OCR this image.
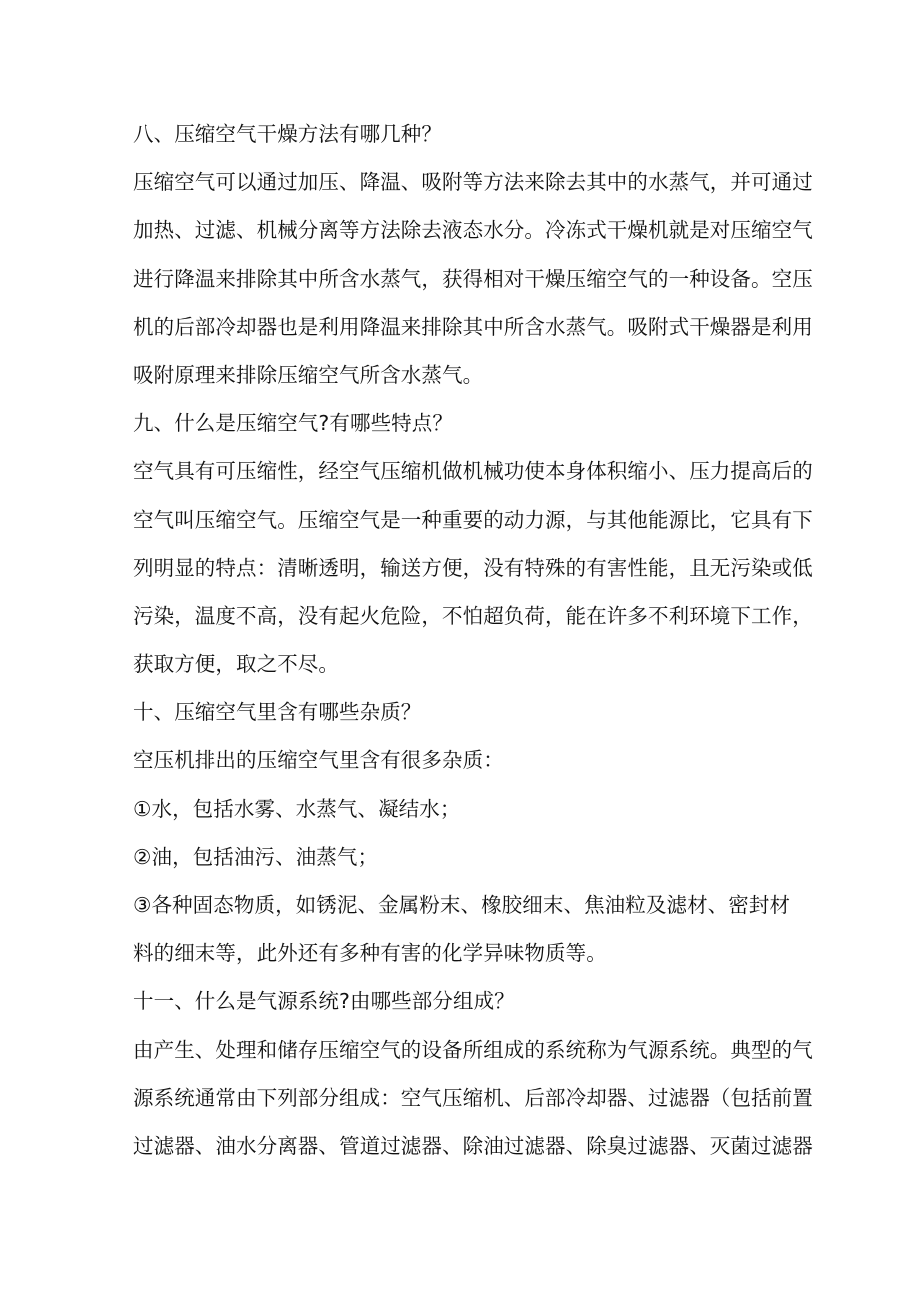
八、压缩空气干燥方法有哪几种？
压缩空气可以通过加压、降温、吸附等方法来除去其中的水蒸气，并可通过
加热、过滤、机械分离等方法除去液态水分。冷冻式干燥机就是对压缩空气
进行降温来排除其中所含水蒸气，获得相对干燥压缩空气的一种设备。空压
机的后部冷却器也是利用降温来排除其中所含水蒸气。吸附式干燥器是利用
吸附原理来排除压缩空气所含水蒸气。
九、什么是压缩空气?有哪些特点？
空气具有可压缩性，经空气压缩机做机械功使本身体积缩小、压力提高后的
空气叫压缩空气。压缩空气是一种重要的动力源，与其他能源比，它具有下
列明显的特点：清晰透明，输送方便，没有特殊的有害性能，且无污染或低
污染，温度不高，没有起火危险，不怕超负荷，能在许多不利环境下工作，
获取方便，取之不尽。
十、压缩空气里含有哪些杂质？
空压机排出的压缩空气里含有很多杂质：
①水，包括水雾、水蒸气、凝结水；
②油，包括油污、油蒸气；
③各种固态物质，如锈泥、金属粉末、橡胶细末、焦油粒及滤材、密封材
料的细末等，此外还有多种有害的化学异味物质等。
十一、什么是气源系统?由哪些部分组成？
由产生、处理和储存压缩空气的设备所组成的系统称为气源系统。典型的气
源系统通常由下列部分组成：空气压缩机、后部冷却器、过滤器（包括前置
过滤器、油水分离器、管道过滤器、除油过滤器、除臭过滤器、灭菌过滤器
